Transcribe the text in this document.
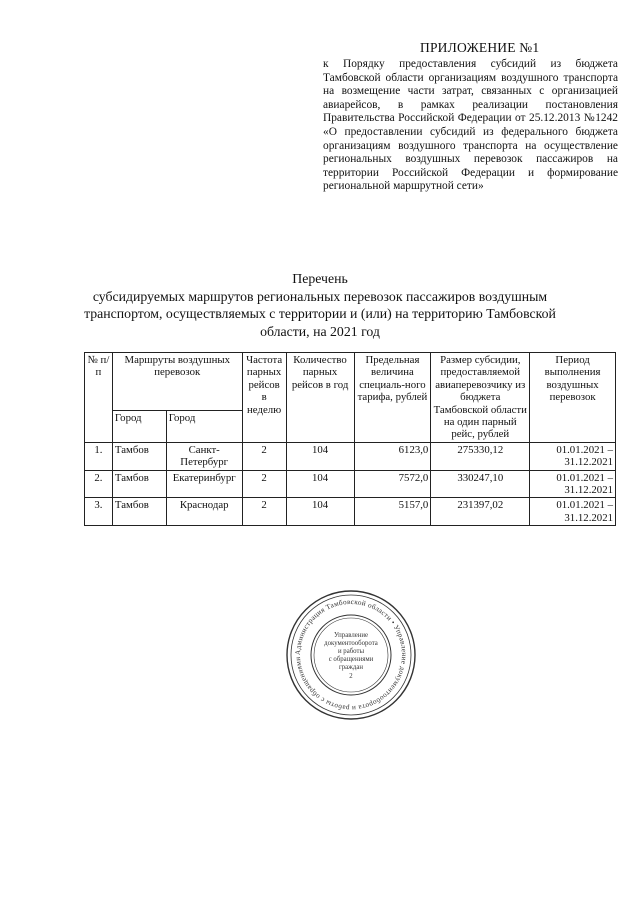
ПРИЛОЖЕНИЕ №1
к Порядку предоставления субсидий из бюджета Тамбовской области организациям воздушного транспорта на возмещение части затрат, связанных с организацией авиарейсов, в рамках реализации постановления Правительства Российской Федерации от 25.12.2013 №1242 «О предоставлении субсидий из федерального бюджета организациям воздушного транспорта на осуществление региональных воздушных перевозок пассажиров на территории Российской Федерации и формирование региональной маршрутной сети»
Перечень
субсидируемых маршрутов региональных перевозок пассажиров воздушным транспортом, осуществляемых с территории и (или) на территорию Тамбовской области, на 2021 год
№ п/п	Маршруты воздушных перевозок		Частота парных рейсов в неделю	Количество парных рейсов в год	Предельная величина специаль-ного тарифа, рублей	Размер субсидии, предоставляемой авиаперевозчику из бюджета Тамбовской области на один парный рейс, рублей	Период выполнения воздушных перевозок
	Город	Город					
1.	Тамбов	Санкт-Петербург	2	104	6123,0	275330,12	01.01.2021 – 31.12.2021
2.	Тамбов	Екатеринбург	2	104	7572,0	330247,10	01.01.2021 – 31.12.2021
3.	Тамбов	Краснодар	2	104	5157,0	231397,02	01.01.2021 – 31.12.2021
Администрация Тамбовской области • Управление документооборота и работы с обращениями
Управление
документооборота
и работы
с обращениями
граждан
2
